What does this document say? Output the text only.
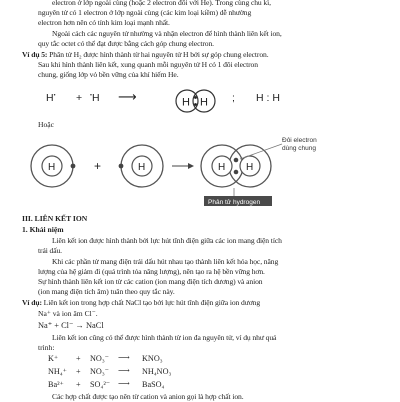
electron ở lớp ngoài cùng (hoặc 2 electron đối với He). Trong cùng chu kì,

nguyên tử có 1 electron ở lớp ngoài cùng (các kim loại kiềm) dễ nhường

electron hơn nên có tính kim loại mạnh nhất.

Ngoài cách các nguyên tử nhường và nhận electron để hình thành liên kết ion,

quy tắc octet có thể đạt được bằng cách góp chung electron.

Ví dụ 5: Phân tử H₂ được hình thành từ hai nguyên tử H bởi sự góp chung electron.

Sau khi hình thành liên kết, xung quanh mỗi nguyên tử H có 1 đôi electron

chung, giống lớp vỏ bền vững của khí hiếm He.

H• + •H ⟶	H H ; H : H

Hoặc

H	+	H	H H
Đôi electron
dùng chung
Phân tử hydrogen

III. LIÊN KẾT ION

1. Khái niệm

Liên kết ion được hình thành bởi lực hút tĩnh điện giữa các ion mang điện tích

trái dấu.

Khi các phần tử mang điện trái dấu hút nhau tạo thành liên kết hóa học, năng

lượng của hệ giảm đi (quá trình tỏa năng lượng), nên tạo ra hệ bền vững hơn.

Sự hình thành liên kết ion từ các cation (ion mang điện tích dương) và anion

(ion mang điện tích âm) tuân theo quy tắc này.

Ví dụ: Liên kết ion trong hợp chất NaCl tạo bởi lực hút tĩnh điện giữa ion dương

Na⁺ và ion âm Cl⁻.

Na⁺ + Cl⁻ → NaCl

Liên kết ion cũng có thể được hình thành từ ion đa nguyên tử, ví dụ như quá

trình:

K⁺ + NO₃⁻ ⟶ KNO₃
NH₄⁺ + NO₃⁻ ⟶ NH₄NO₃
Ba²⁺ + SO₄²⁻ ⟶ BaSO₄

Các hợp chất được tạo nên từ cation và anion gọi là hợp chất ion.
